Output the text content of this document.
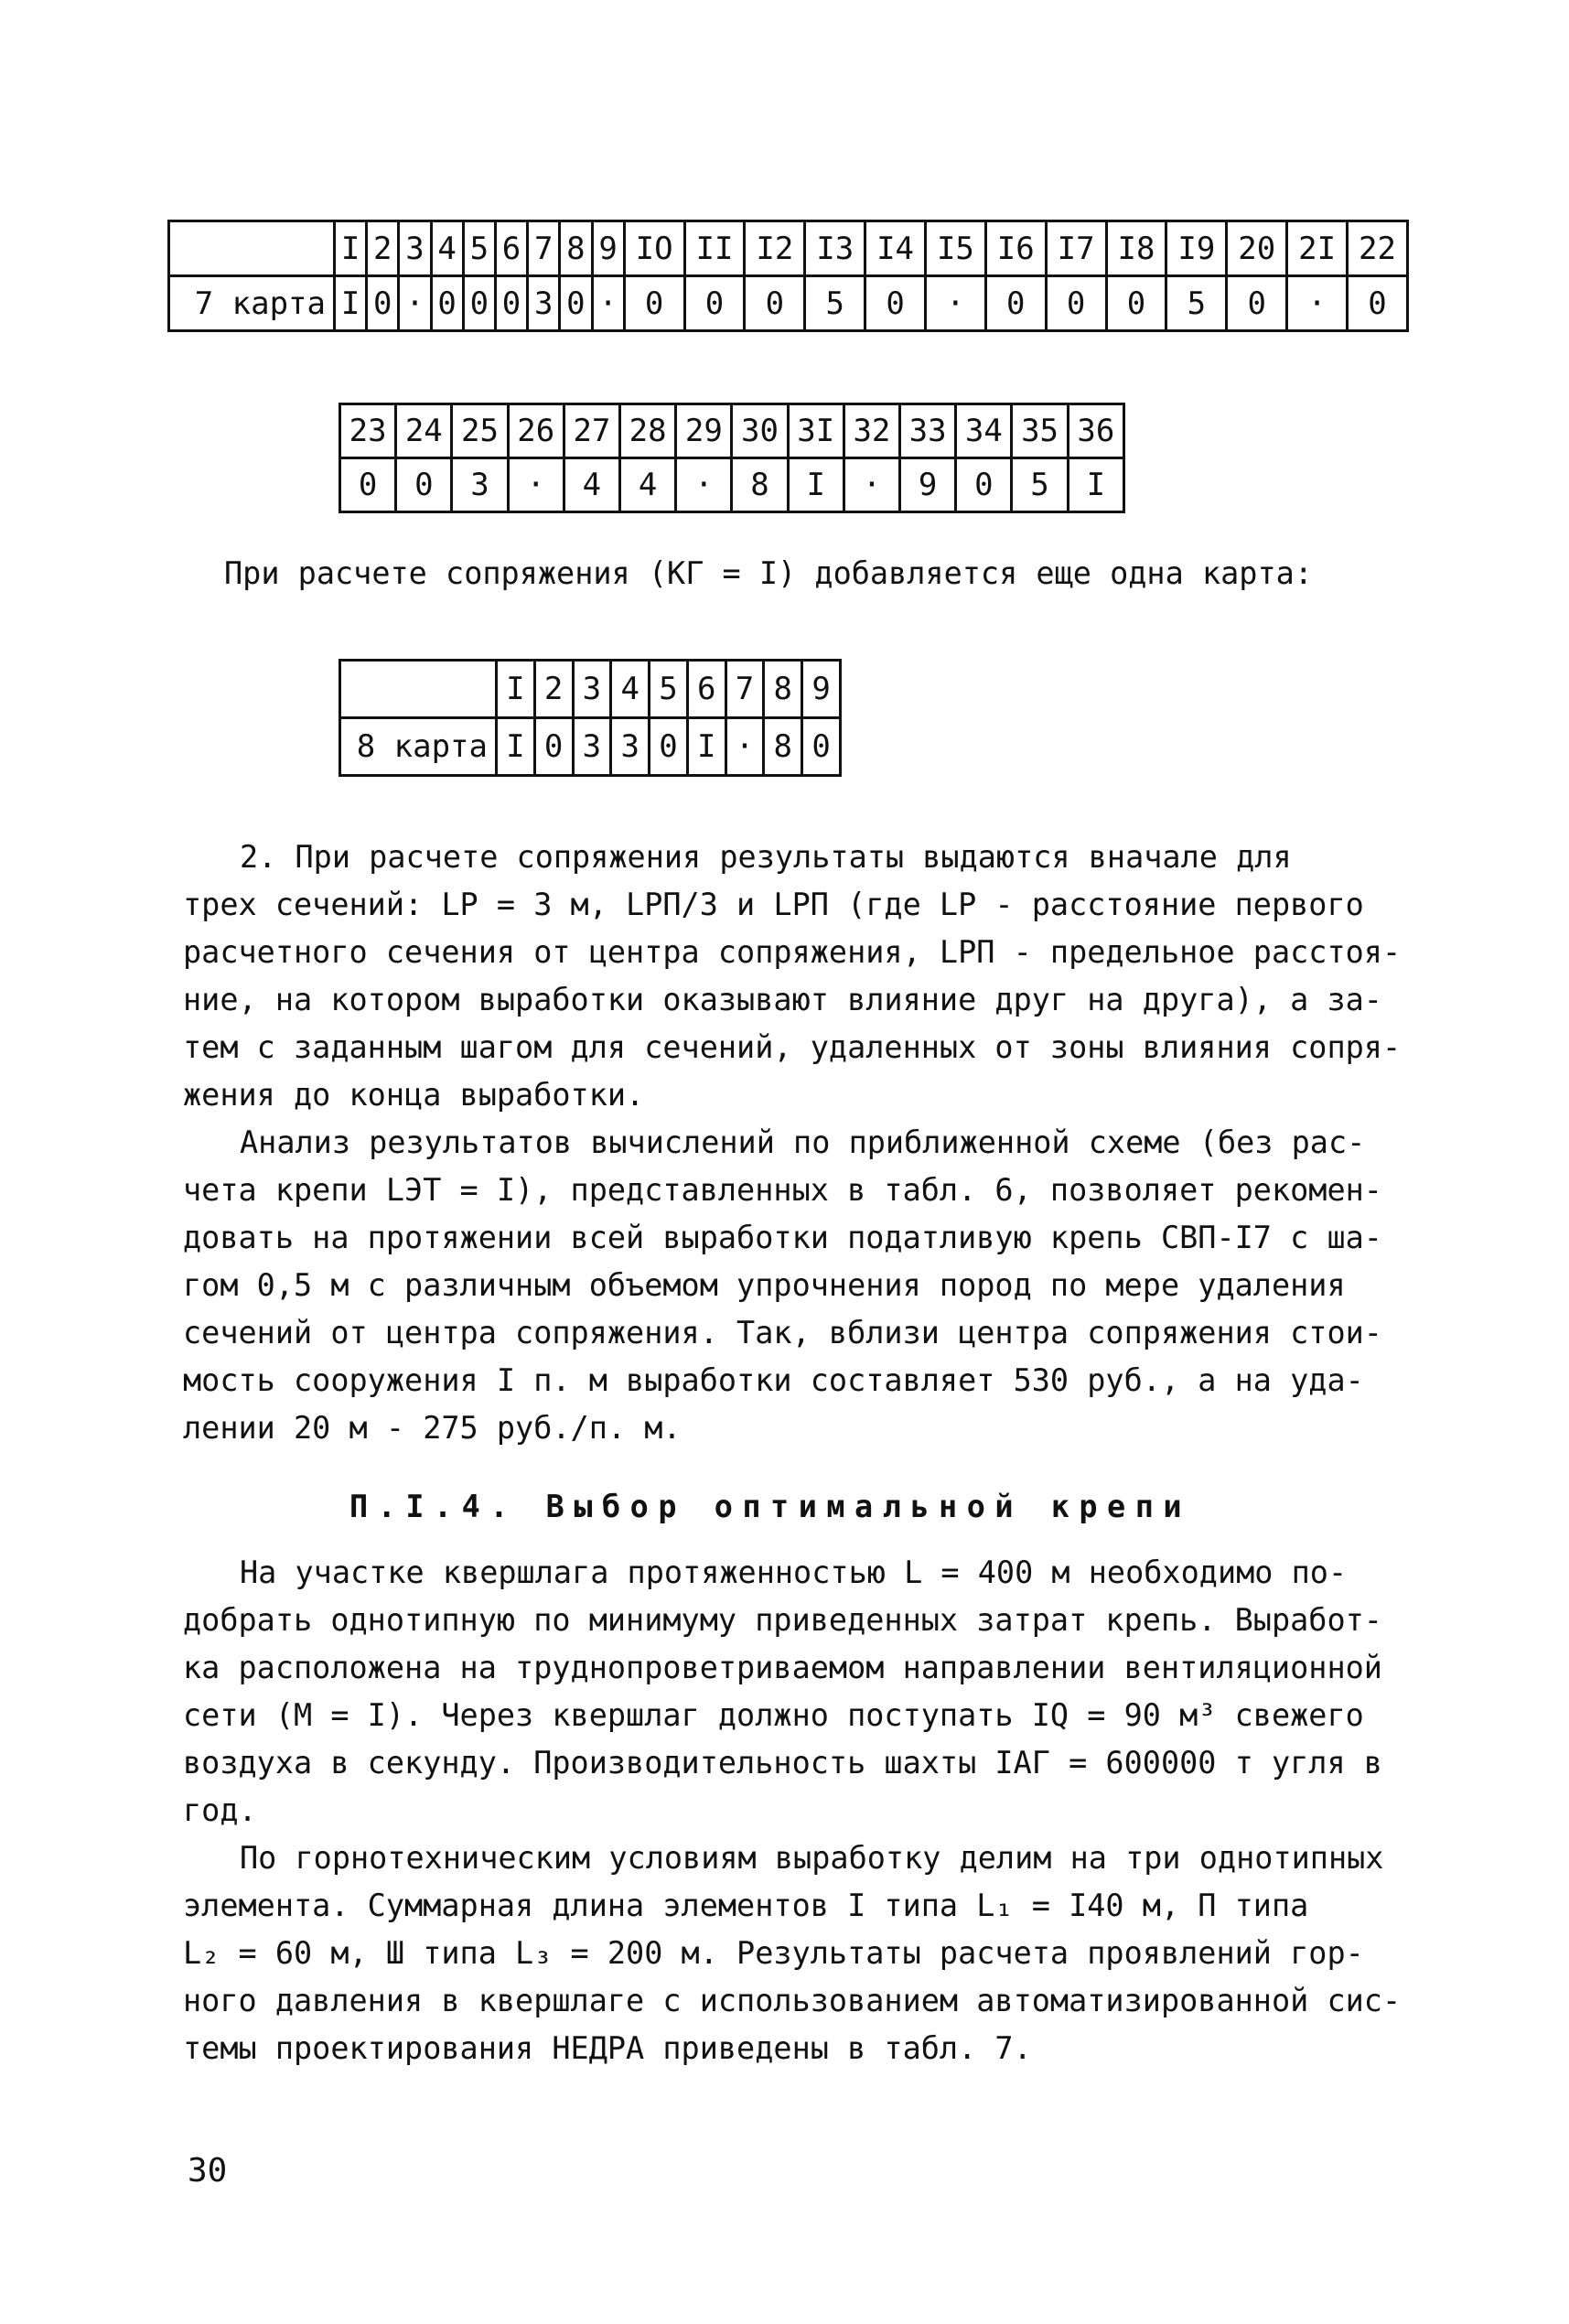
	I	2	3	4	5	6	7	8	9	IO	II	I2	I3	I4	I5	I6	I7	I8	I9	20	2I	22
7 карта	I	0	·	0	0	0	3	0	·	0	0	0	5	0	·	0	0	0	5	0	·	0
23	24	25	26	27	28	29	30	3I	32	33	34	35	36
0	0	3	·	4	4	·	8	I	·	9	0	5	I
При расчете сопряжения (КГ = I) добавляется еще одна карта:
	I	2	3	4	5	6	7	8	9
8 карта	I	0	3	3	0	I	·	8	0
2. При расчете сопряжения результаты выдаются вначале для
трех сечений: LР = 3 м, LРП/3 и LРП (где LР - расстояние первого
расчетного сечения от центра сопряжения, LРП - предельное расстоя-
ние, на котором выработки оказывают влияние друг на друга), а за-
тем с заданным шагом для сечений, удаленных от зоны влияния сопря-
жения до конца выработки.
Анализ результатов вычислений по приближенной схеме (без рас-
чета крепи LЭТ = I), представленных в табл. 6, позволяет рекомен-
довать на протяжении всей выработки податливую крепь СВП-I7 с ша-
гом 0,5 м с различным объемом упрочнения пород по мере удаления
сечений от центра сопряжения. Так, вблизи центра сопряжения стои-
мость сооружения I п. м выработки составляет 530 руб., а на уда-
лении 20 м - 275 руб./п. м.
П.I.4. Выбор оптимальной крепи
На участке квершлага протяженностью L = 400 м необходимо по-
добрать однотипную по минимуму приведенных затрат крепь. Выработ-
ка расположена на труднопроветриваемом направлении вентиляционной
сети (M = I). Через квершлаг должно поступать IQ = 90 м³ свежего
воздуха в секунду. Производительность шахты IАГ = 600000 т угля в
год.
По горнотехническим условиям выработку делим на три однотипных
элемента. Суммарная длина элементов I типа L₁ = I40 м, П типа
L₂ = 60 м, Ш типа L₃ = 200 м. Результаты расчета проявлений гор-
ного давления в квершлаге с использованием автоматизированной сис-
темы проектирования НЕДРА приведены в табл. 7.
30
